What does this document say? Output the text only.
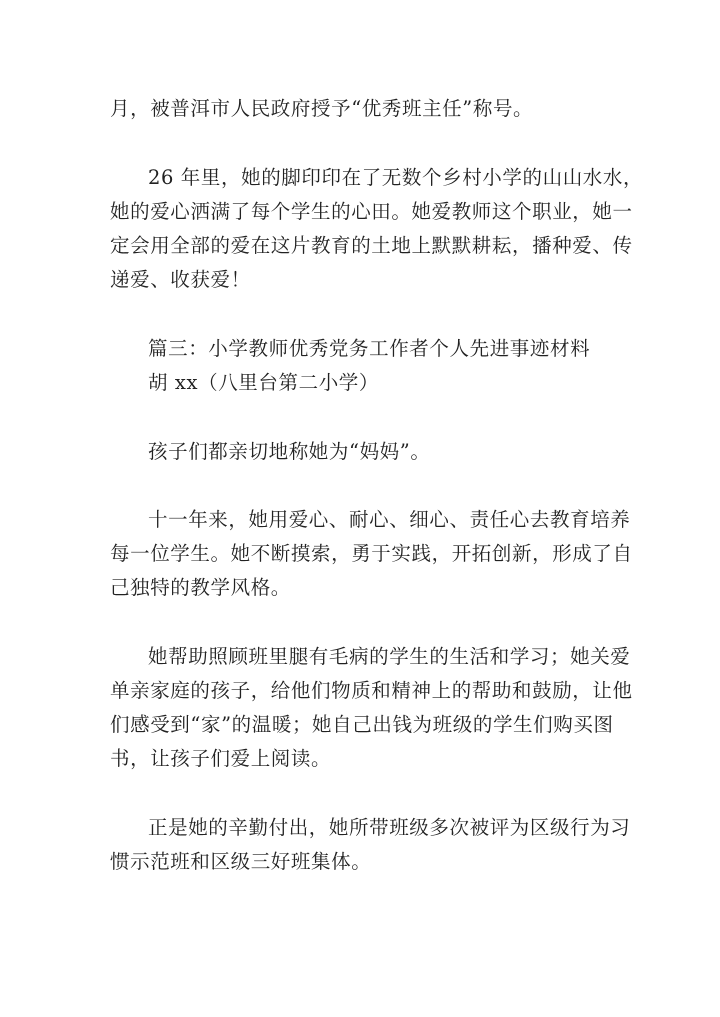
月，被普洱市人民政府授予“优秀班主任”称号。
26 年里，她的脚印印在了无数个乡村小学的山山水水，
她的爱心洒满了每个学生的心田。她爱教师这个职业，她一
定会用全部的爱在这片教育的土地上默默耕耘，播种爱、传
递爱、收获爱！
篇三：小学教师优秀党务工作者个人先进事迹材料
胡 xx（八里台第二小学）
孩子们都亲切地称她为“妈妈”。
十一年来，她用爱心、耐心、细心、责任心去教育培养
每一位学生。她不断摸索，勇于实践，开拓创新，形成了自
己独特的教学风格。
她帮助照顾班里腿有毛病的学生的生活和学习；她关爱
单亲家庭的孩子，给他们物质和精神上的帮助和鼓励，让他
们感受到“家”的温暖；她自己出钱为班级的学生们购买图
书，让孩子们爱上阅读。
正是她的辛勤付出，她所带班级多次被评为区级行为习
惯示范班和区级三好班集体。
